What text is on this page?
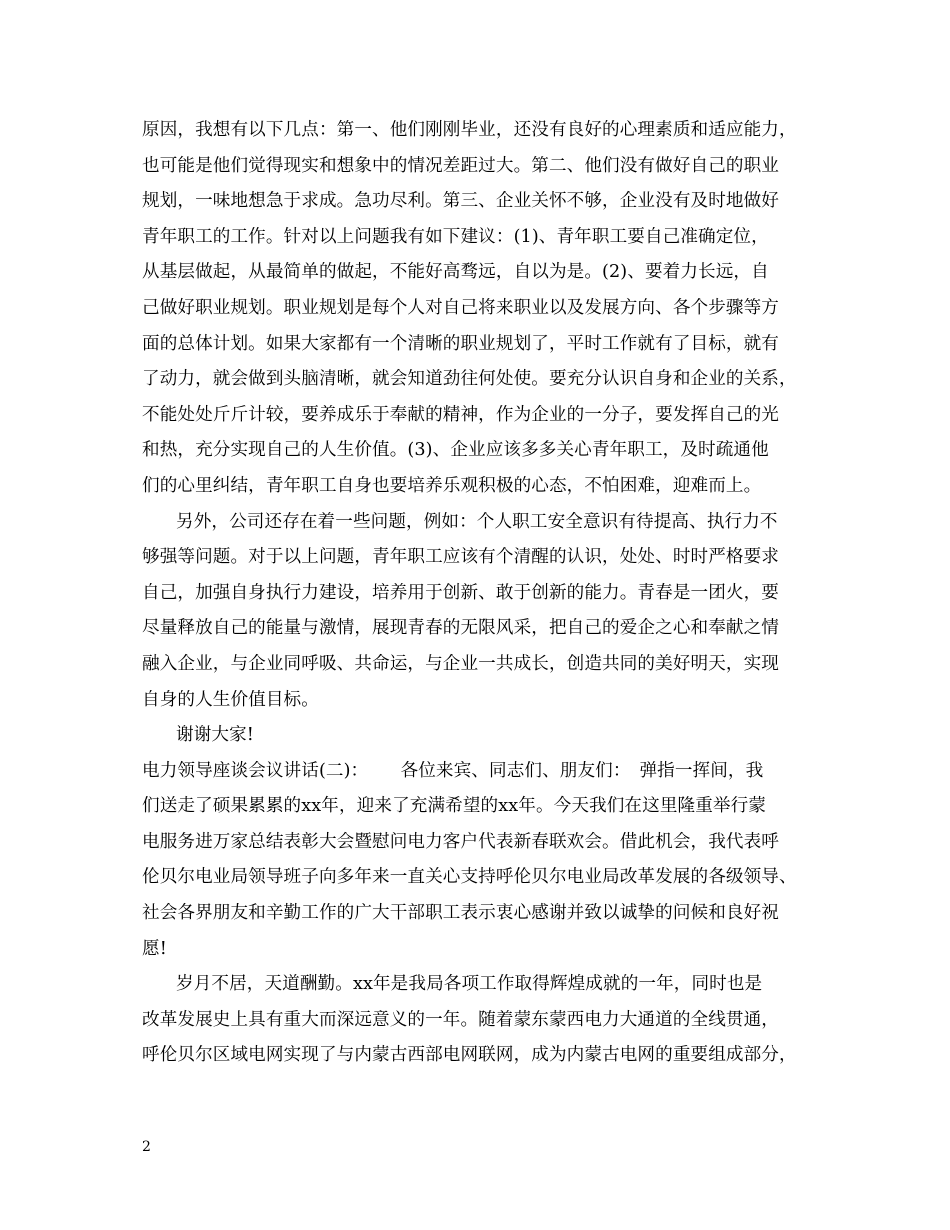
原因，我想有以下几点：第一、他们刚刚毕业，还没有良好的心理素质和适应能力，
也可能是他们觉得现实和想象中的情况差距过大。第二、他们没有做好自己的职业
规划，一味地想急于求成。急功尽利。第三、企业关怀不够，企业没有及时地做好
青年职工的工作。针对以上问题我有如下建议：(1)、青年职工要自己准确定位，
从基层做起，从最简单的做起，不能好高骛远，自以为是。(2)、要着力长远，自
己做好职业规划。职业规划是每个人对自己将来职业以及发展方向、各个步骤等方
面的总体计划。如果大家都有一个清晰的职业规划了，平时工作就有了目标，就有
了动力，就会做到头脑清晰，就会知道劲往何处使。要充分认识自身和企业的关系，
不能处处斤斤计较，要养成乐于奉献的精神，作为企业的一分子，要发挥自己的光
和热，充分实现自己的人生价值。(3)、企业应该多多关心青年职工，及时疏通他
们的心里纠结，青年职工自身也要培养乐观积极的心态，不怕困难，迎难而上。
另外，公司还存在着一些问题，例如：个人职工安全意识有待提高、执行力不
够强等问题。对于以上问题，青年职工应该有个清醒的认识，处处、时时严格要求
自己，加强自身执行力建设，培养用于创新、敢于创新的能力。青春是一团火，要
尽量释放自己的能量与激情，展现青春的无限风采，把自己的爱企之心和奉献之情
融入企业，与企业同呼吸、共命运，与企业一共成长，创造共同的美好明天，实现
自身的人生价值目标。
谢谢大家!
电力领导座谈会议讲话(二)：　　 各位来宾、同志们、朋友们：　弹指一挥间，我
们送走了硕果累累的xx年，迎来了充满希望的xx年。今天我们在这里隆重举行蒙
电服务进万家总结表彰大会暨慰问电力客户代表新春联欢会。借此机会，我代表呼
伦贝尔电业局领导班子向多年来一直关心支持呼伦贝尔电业局改革发展的各级领导、
社会各界朋友和辛勤工作的广大干部职工表示衷心感谢并致以诚挚的问候和良好祝
愿!
岁月不居，天道酬勤。xx年是我局各项工作取得辉煌成就的一年，同时也是
改革发展史上具有重大而深远意义的一年。随着蒙东蒙西电力大通道的全线贯通，
呼伦贝尔区域电网实现了与内蒙古西部电网联网，成为内蒙古电网的重要组成部分，
2
